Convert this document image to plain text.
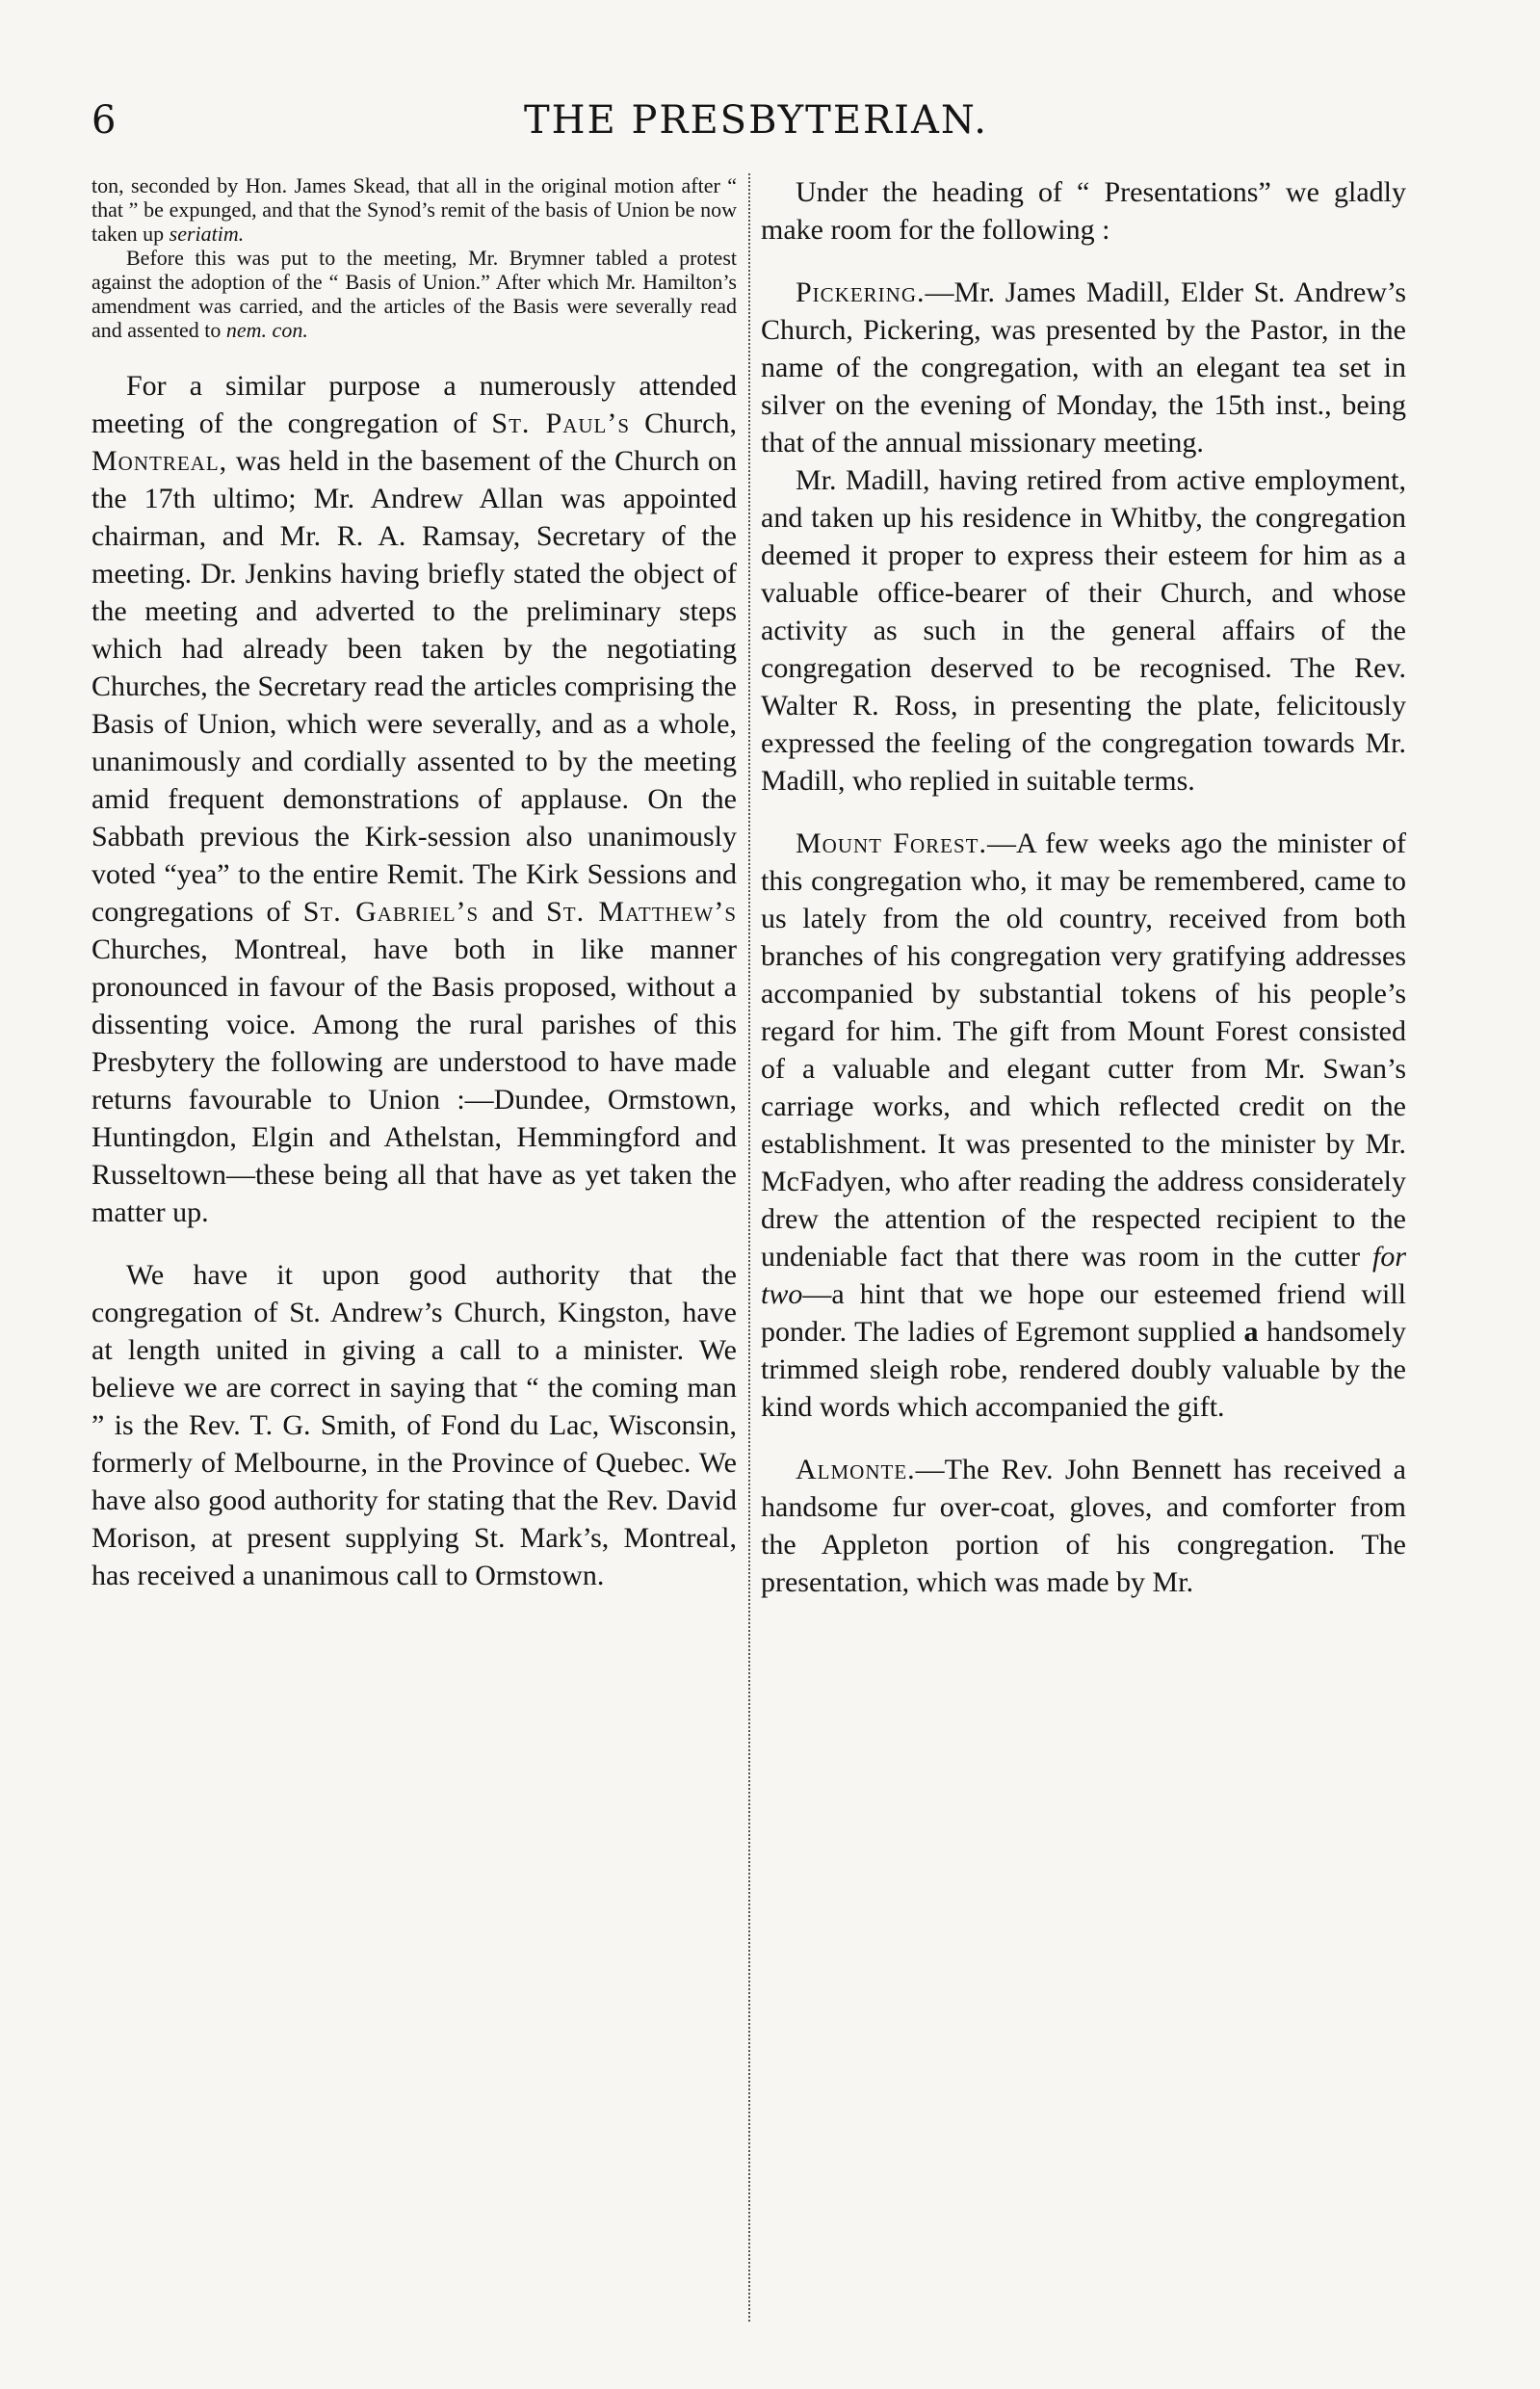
6	THE PRESBYTERIAN.

ton, seconded by Hon. James Skead, that all in the original motion after “ that ” be expunged, and that the Synod’s remit of the basis of Union be now taken up seriatim.

Before this was put to the meeting, Mr. Brymner tabled a protest against the adoption of the “ Basis of Union.” After which Mr. Hamilton’s amendment was carried, and the articles of the Basis were severally read and assented to nem. con.

For a similar purpose a numerously attended meeting of the congregation of St. Paul’s Church, Montreal, was held in the basement of the Church on the 17th ultimo; Mr. Andrew Allan was appointed chairman, and Mr. R. A. Ramsay, Secretary of the meeting. Dr. Jenkins having briefly stated the object of the meeting and adverted to the preliminary steps which had already been taken by the negotiating Churches, the Secretary read the articles comprising the Basis of Union, which were severally, and as a whole, unanimously and cordially assented to by the meeting amid frequent demonstrations of applause. On the Sabbath previous the Kirk-session also unanimously voted “yea” to the entire Remit. The Kirk Sessions and congregations of St. Gabriel’s and St. Matthew’s Churches, Montreal, have both in like manner pronounced in favour of the Basis proposed, without a dissenting voice. Among the rural parishes of this Presbytery the following are understood to have made returns favourable to Union :—Dundee, Ormstown, Huntingdon, Elgin and Athelstan, Hemmingford and Russeltown—these being all that have as yet taken the matter up.

We have it upon good authority that the congregation of St. Andrew’s Church, Kingston, have at length united in giving a call to a minister. We believe we are correct in saying that “ the coming man ” is the Rev. T. G. Smith, of Fond du Lac, Wisconsin, formerly of Melbourne, in the Province of Quebec. We have also good authority for stating that the Rev. David Morison, at present supplying St. Mark’s, Montreal, has received a unanimous call to Ormstown.

Under the heading of “ Presentations” we gladly make room for the following :

Pickering.—Mr. James Madill, Elder St. Andrew’s Church, Pickering, was presented by the Pastor, in the name of the congregation, with an elegant tea set in silver on the evening of Monday, the 15th inst., being that of the annual missionary meeting.

Mr. Madill, having retired from active employment, and taken up his residence in Whitby, the congregation deemed it proper to express their esteem for him as a valuable office-bearer of their Church, and whose activity as such in the general affairs of the congregation deserved to be recognised. The Rev. Walter R. Ross, in presenting the plate, felicitously expressed the feeling of the congregation towards Mr. Madill, who replied in suitable terms.

Mount Forest.—A few weeks ago the minister of this congregation who, it may be remembered, came to us lately from the old country, received from both branches of his congregation very gratifying addresses accompanied by substantial tokens of his people’s regard for him. The gift from Mount Forest consisted of a valuable and elegant cutter from Mr. Swan’s carriage works, and which reflected credit on the establishment. It was presented to the minister by Mr. McFadyen, who after reading the address considerately drew the attention of the respected recipient to the undeniable fact that there was room in the cutter for two—a hint that we hope our esteemed friend will ponder. The ladies of Egremont supplied a handsomely trimmed sleigh robe, rendered doubly valuable by the kind words which accompanied the gift.

Almonte.—The Rev. John Bennett has received a handsome fur over-coat, gloves, and comforter from the Appleton portion of his congregation. The presentation, which was made by Mr.
